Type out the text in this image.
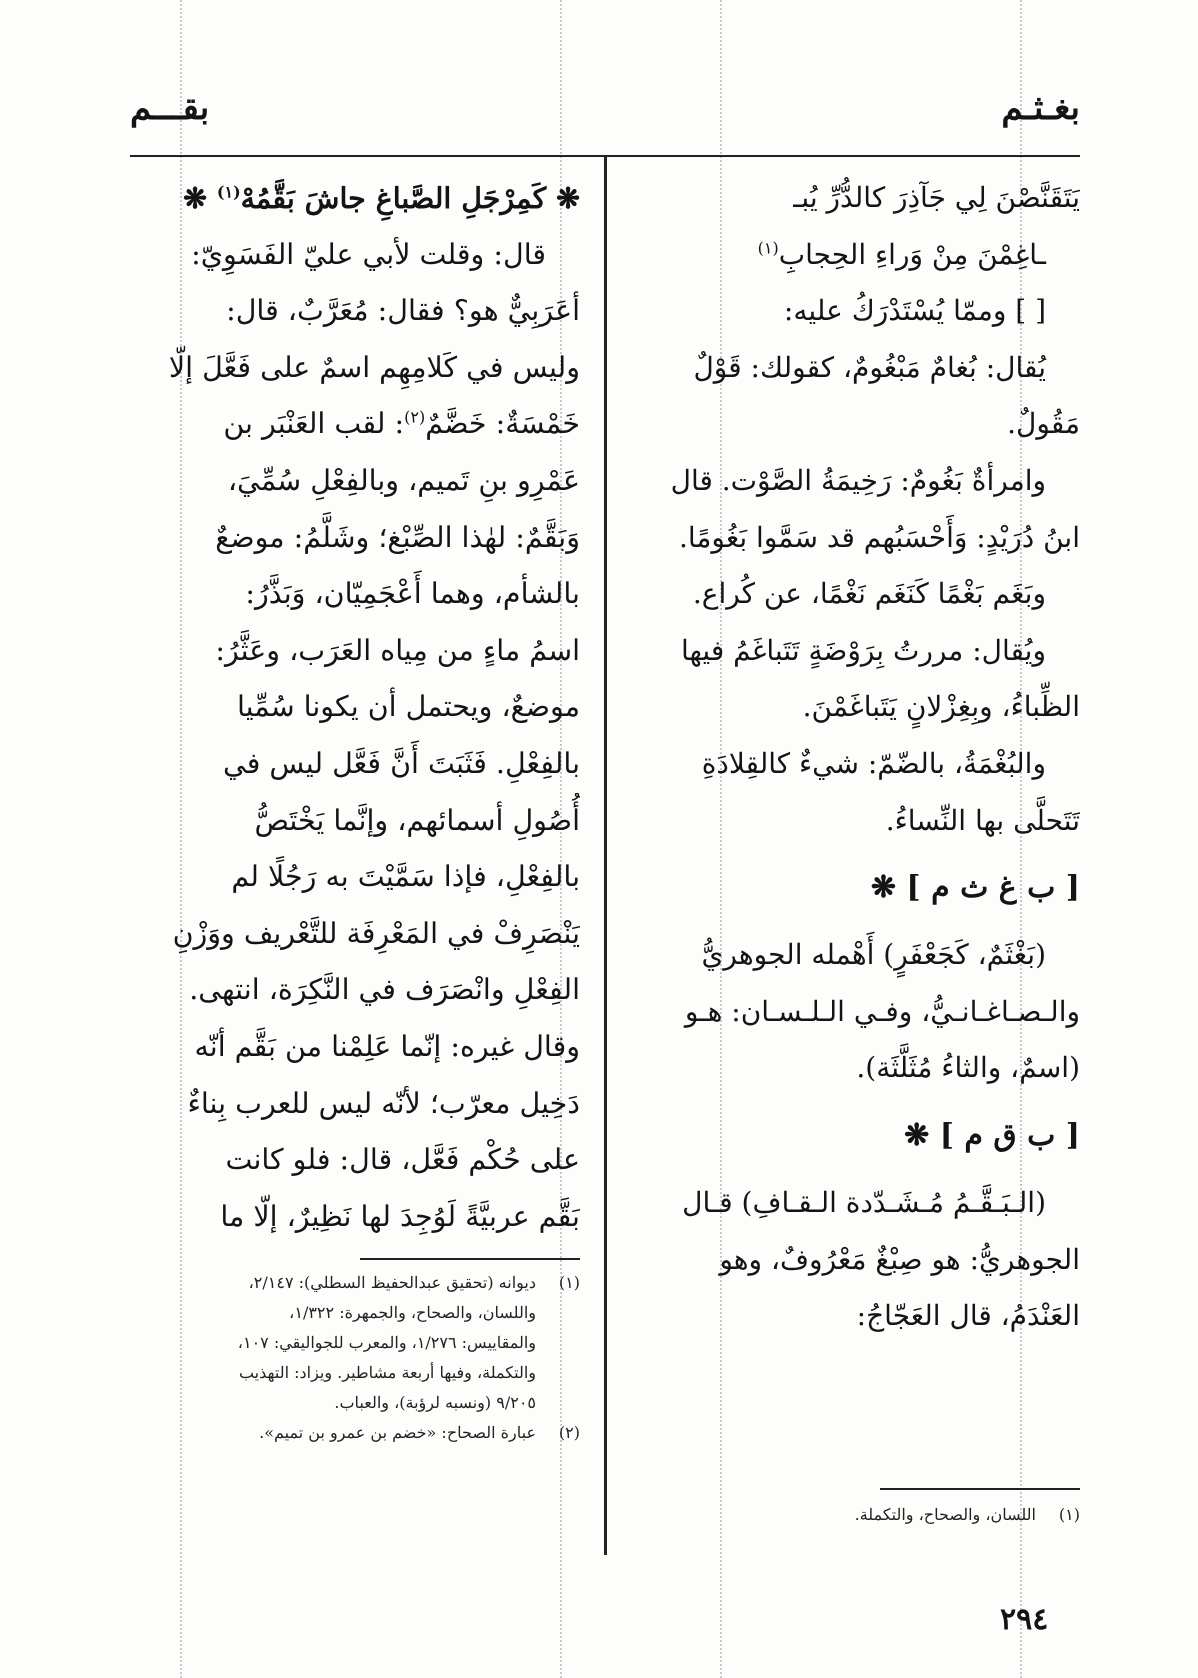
بغـثـم
بقـــم
يَتَقَنَّصْنَ لِي جَآذِرَ كالدُّرِّ يُبـ
ـاغِمْنَ مِنْ وَراءِ الحِجابِ$^{(١)}$
[ ] وممّا يُسْتَدْرَكُ عليه:
يُقال: بُغامٌ مَبْغُومٌ، كقولك: قَوْلٌ
مَقُولٌ.
وامرأةٌ بَغُومٌ: رَخِيمَةُ الصَّوْت. قال
ابنُ دُرَيْدٍ: وَأَحْسَبُهم قد سَمَّوا بَغُومًا.
وبَغَم بَغْمًا كَنَغَم نَغْمًا، عن كُراع.
ويُقال: مررتُ بِرَوْضَةٍ تَتَباغَمُ فيها
الظِّباءُ، وبِغِزْلانٍ يَتَباغَمْنَ.
والبُغْمَةُ، بالضّمّ: شيءٌ كالقِلادَةِ
تَتَحلَّى بها النِّساءُ.
[ ب غ ث م ] ❋
(بَغْثَمٌ، كَجَعْفَرٍ) أَهْمله الجوهريُّ
والـصـاغـانـيُّ، وفـي الـلـسـان: هـو
(اسمٌ، والثاءُ مُثَلَّثَة).
[ ب ق م ] ❋
(الـبَـقَّـمُ مُـشَـدّدة الـقـافِ) قـال
الجوهريُّ: هو صِبْغٌ مَعْرُوفٌ، وهو
العَنْدَمُ، قال العَجّاجُ:
(١)اللسان، والصحاح، والتكملة.
❋ كَمِرْجَلِ الصَّباغِ جاشَ بَقَّمُهْ$^{(١)}$ ❋
قال: وقلت لأبي عليّ الفَسَوِيّ:
أعَرَبِيٌّ هو؟ فقال: مُعَرَّبٌ، قال:
وليس في كَلامِهِم اسمٌ على فَعَّلَ إلّا
خَمْسَةٌ: خَضَّمٌ$^{(٢)}$: لقب العَنْبَر بن
عَمْرِو بنِ تَميم، وبالفِعْلِ سُمِّيَ،
وَبَقَّمٌ: لهٰذا الصِّبْغ؛ وشَلَّمُ: موضعٌ
بالشأم، وهما أَعْجَمِيّان، وَبَذَّرُ:
اسمُ ماءٍ من مِياه العَرَب، وعَثَّرُ:
موضعٌ، ويحتمل أن يكونا سُمِّيا
بالفِعْلِ. فَثَبَتَ أَنَّ فَعَّل ليس في
أُصُولِ أسمائهم، وإنَّما يَخْتَصُّ
بالفِعْلِ، فإذا سَمَّيْتَ به رَجُلًا لم
يَنْصَرِفْ في المَعْرِفَة للتَّعْريف ووَزْنِ
الفِعْلِ وانْصَرَف في النَّكِرَة، انتهى.
وقال غيره: إنّما عَلِمْنا من بَقَّم أنّه
دَخِيل معرّب؛ لأنّه ليس للعرب بِناءٌ
على حُكْم فَعَّل، قال: فلو كانت
بَقَّم عربيَّةً لَوُجِدَ لها نَظِيرٌ، إلّا ما
(١)ديوانه (تحقيق عبدالحفيظ السطلي): ٢/١٤٧،
واللسان، والصحاح، والجمهرة: ١/٣٢٢،
والمقاييس: ١/٢٧٦، والمعرب للجواليقي: ١٠٧،
والتكملة، وفيها أربعة مشاطير. ويزاد: التهذيب
٩/٢٠٥ (ونسبه لرؤبة)، والعباب.
(٢)عبارة الصحاح: «خضم بن عمرو بن تميم».
٢٩٤
